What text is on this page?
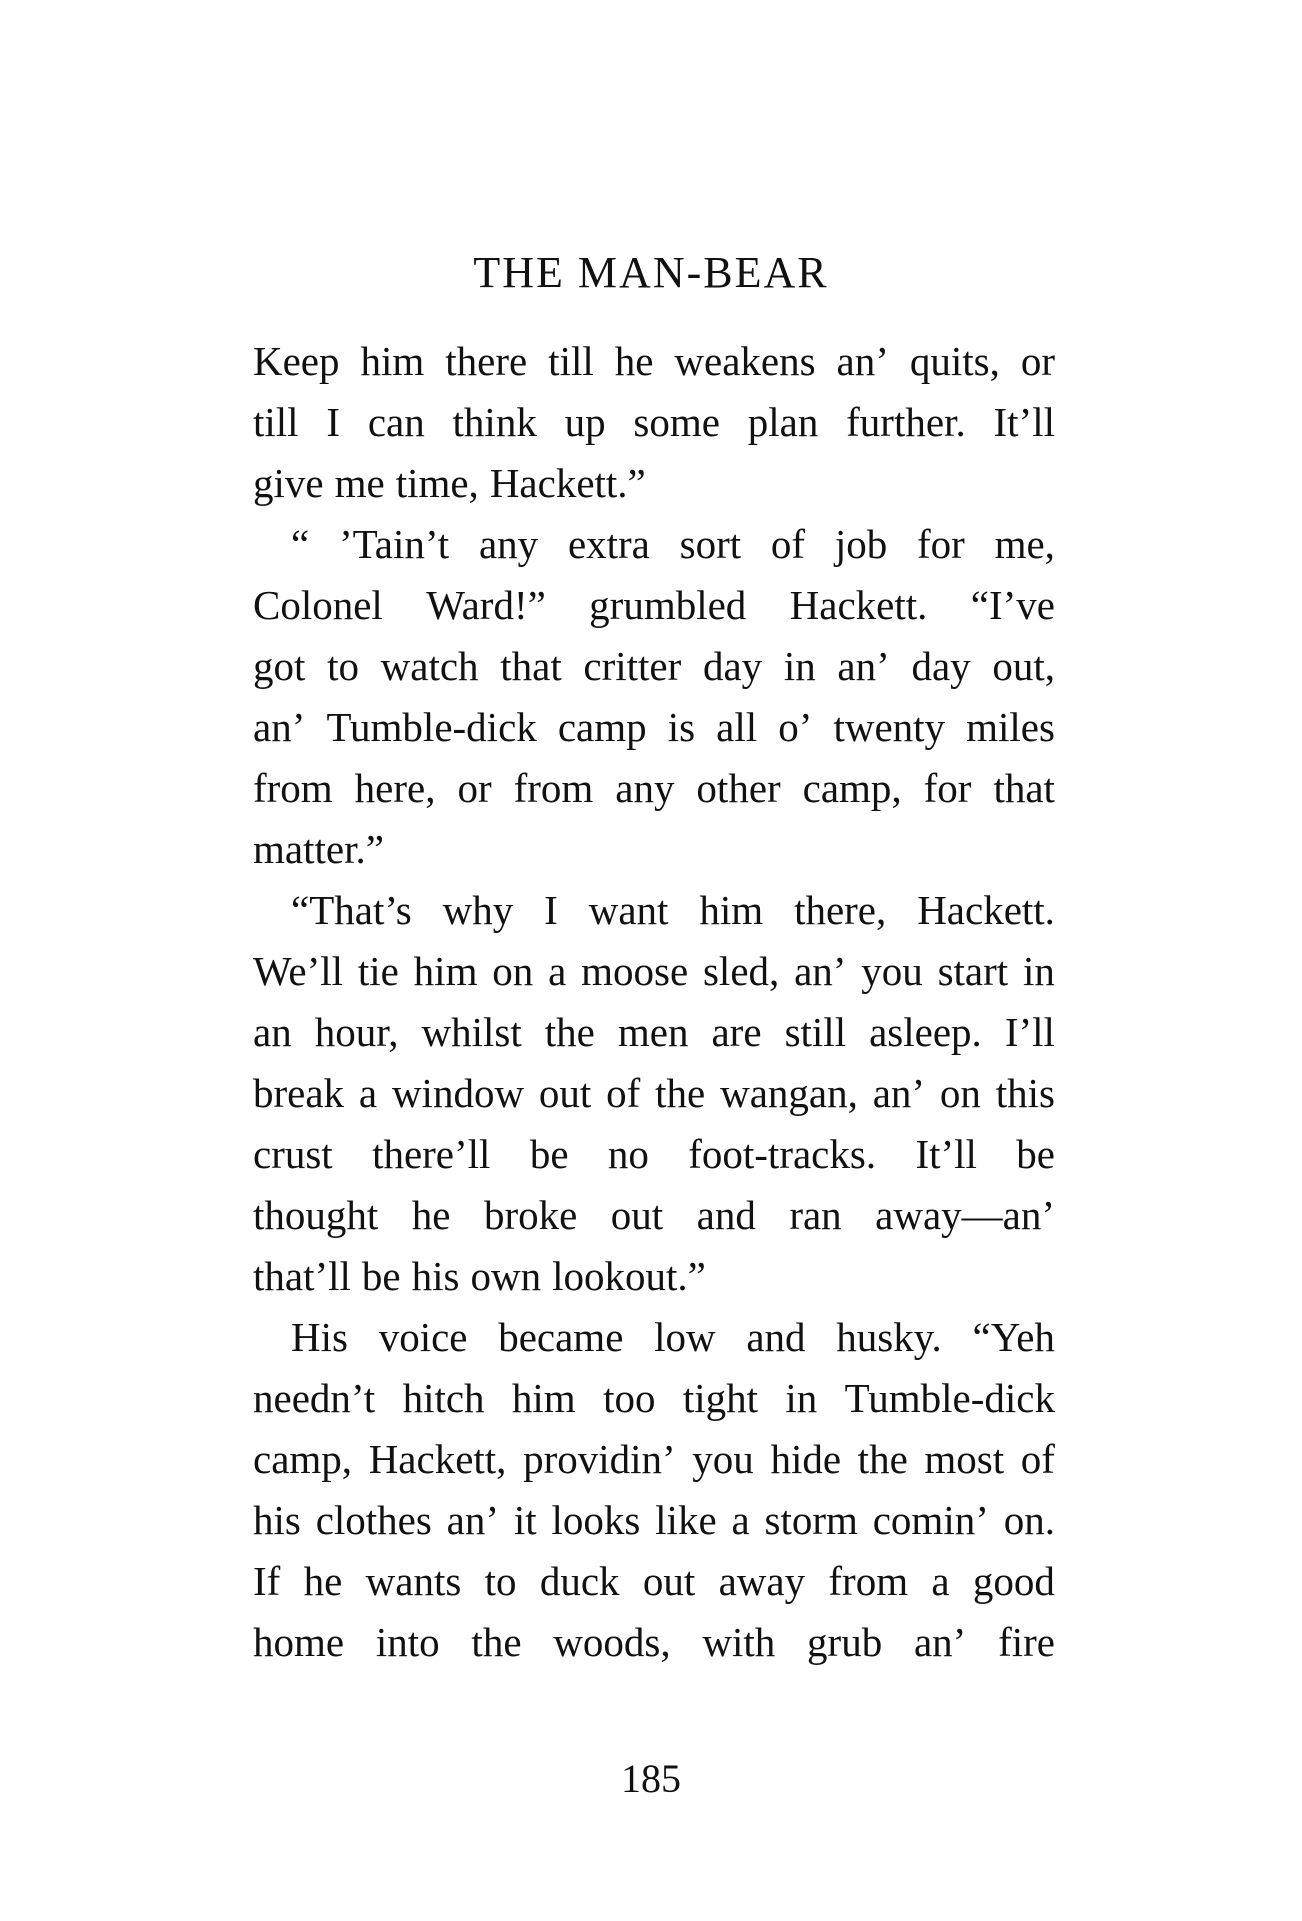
THE MAN-BEAR
Keep him there till he weakens an’ quits, or
till I can think up some plan further. It’ll
give me time, Hackett.”
“ ’Tain’t any extra sort of job for me,
Colonel Ward!” grumbled Hackett. “I’ve
got to watch that critter day in an’ day out,
an’ Tumble-dick camp is all o’ twenty miles
from here, or from any other camp, for that
matter.”
“That’s why I want him there, Hackett.
We’ll tie him on a moose sled, an’ you start in
an hour, whilst the men are still asleep. I’ll
break a window out of the wangan, an’ on this
crust there’ll be no foot-tracks. It’ll be
thought he broke out and ran away—an’
that’ll be his own lookout.”
His voice became low and husky. “Yeh
needn’t hitch him too tight in Tumble-dick
camp, Hackett, providin’ you hide the most of
his clothes an’ it looks like a storm comin’ on.
If he wants to duck out away from a good
home into the woods, with grub an’ fire
185
